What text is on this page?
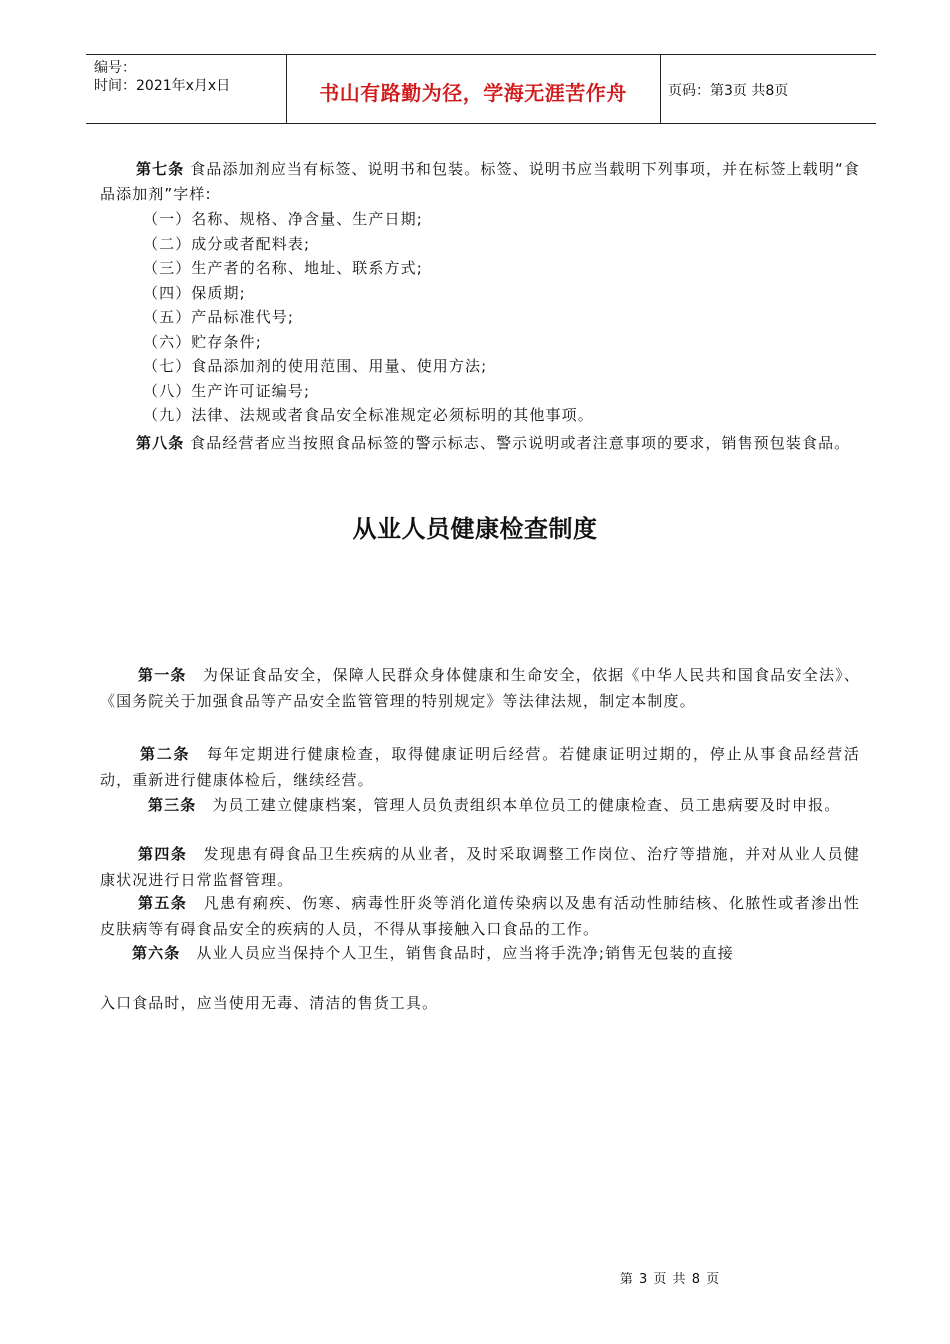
编号：
时间：2021年x月x日	书山有路勤为径，学海无涯苦作舟	页码：第3页 共8页
第七条 食品添加剂应当有标签、说明书和包装。标签、说明书应当载明下列事项，并在标签上载明“食品添加剂”字样:
（一）名称、规格、净含量、生产日期;
（二）成分或者配料表;
（三）生产者的名称、地址、联系方式;
（四）保质期;
（五）产品标准代号;
（六）贮存条件;
（七）食品添加剂的使用范围、用量、使用方法;
（八）生产许可证编号;
（九）法律、法规或者食品安全标准规定必须标明的其他事项。
第八条 食品经营者应当按照食品标签的警示标志、警示说明或者注意事项的要求，销售预包装食品。
从业人员健康检查制度
第一条　为保证食品安全，保障人民群众身体健康和生命安全，依据《中华人民共和国食品安全法》、《国务院关于加强食品等产品安全监管管理的特别规定》等法律法规，制定本制度。
第二条　每年定期进行健康检查，取得健康证明后经营。若健康证明过期的，停止从事食品经营活动，重新进行健康体检后，继续经营。
第三条　为员工建立健康档案，管理人员负责组织本单位员工的健康检查、员工患病要及时申报。
第四条　发现患有碍食品卫生疾病的从业者，及时采取调整工作岗位、治疗等措施，并对从业人员健康状况进行日常监督管理。
第五条　凡患有痢疾、伤寒、病毒性肝炎等消化道传染病以及患有活动性肺结核、化脓性或者渗出性皮肤病等有碍食品安全的疾病的人员，不得从事接触入口食品的工作。
第六条　从业人员应当保持个人卫生，销售食品时，应当将手洗净;销售无包装的直接
入口食品时，应当使用无毒、清洁的售货工具。
第 3 页 共 8 页
